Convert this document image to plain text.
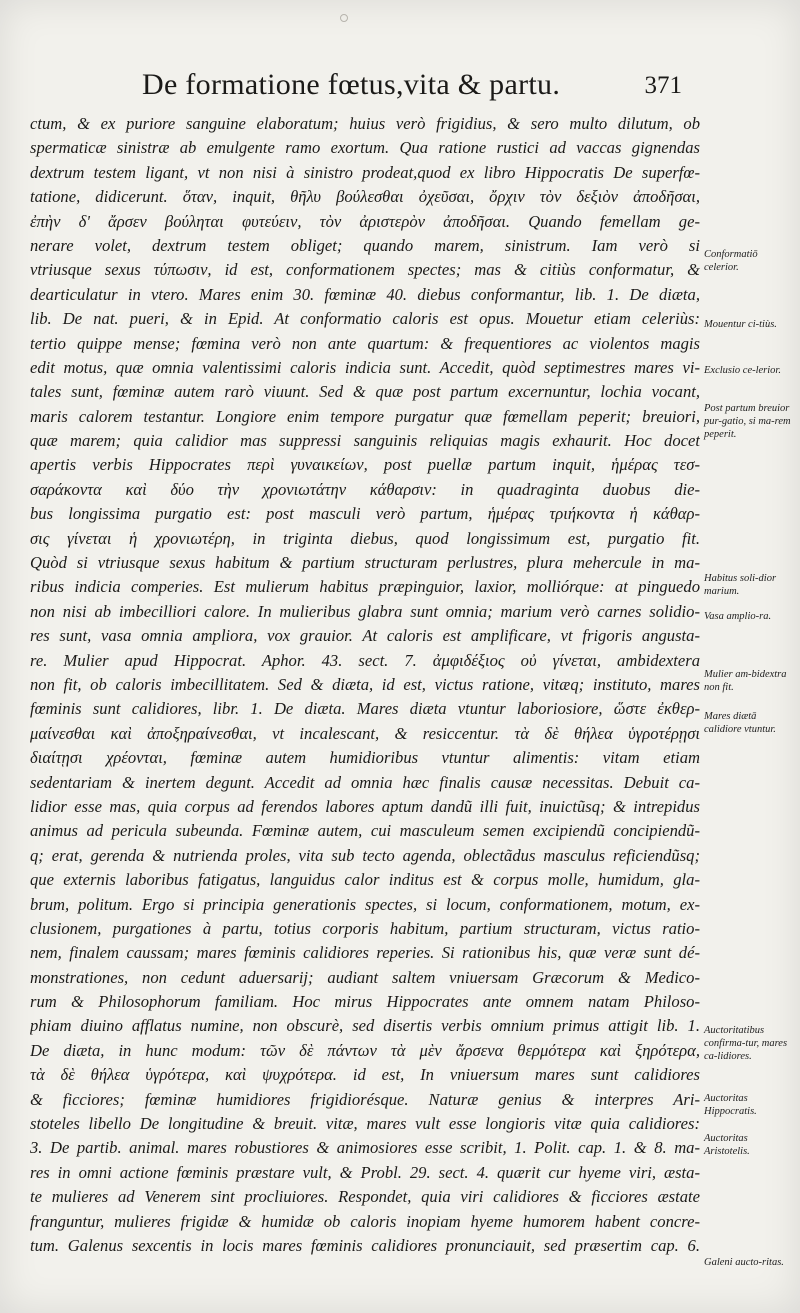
De formatione fœtus,vita & partu.	371
ctum, & ex puriore sanguine elaboratum; huius verò frigidius, & sero multo dilutum, ob
spermaticæ sinistræ ab emulgente ramo exortum. Qua ratione rustici ad vaccas gignendas
dextrum testem ligant, vt non nisi à sinistro prodeat,quod ex libro Hippocratis De superfœ-
tatione, didicerunt. ὅταν, inquit, θῆλυ βούλεσθαι ὀχεῦσαι, ὄρχιν τὸν δεξιὸν ἀποδῆσαι,
ἐπὴν δ' ἄρσεν βούληται φυτεύειν, τὸν ἀριστερὸν ἀποδῆσαι. Quando femellam ge-
nerare volet, dextrum testem obliget; quando marem, sinistrum. Iam verò si
vtriusque sexus τύπωσιν, id est, conformationem spectes; mas & citiùs conformatur, &
dearticulatur in vtero. Mares enim 30. fœminæ 40. diebus conformantur, lib. 1. De diæta,
lib. De nat. pueri, & in Epid. At conformatio caloris est opus. Mouetur etiam celeriùs:
tertio quippe mense; fœmina verò non ante quartum: & frequentiores ac violentos magis
edit motus, quæ omnia valentissimi caloris indicia sunt. Accedit, quòd septimestres mares vi-
tales sunt, fœminæ autem rarò viuunt. Sed & quæ post partum excernuntur, lochia vocant,
maris calorem testantur. Longiore enim tempore purgatur quæ fœmellam peperit; breuiori,
quæ marem; quia calidior mas suppressi sanguinis reliquias magis exhaurit. Hoc docet
apertis verbis Hippocrates περὶ γυναικείων, post puellæ partum inquit, ἡμέρας τεσ-
σαράκοντα καὶ δύο τὴν χρονιωτάτην κάθαρσιν: in quadraginta duobus die-
bus longissima purgatio est: post masculi verò partum, ἡμέρας τριήκοντα ἡ κάθαρ-
σις γίνεται ἡ χρονιωτέρη, in triginta diebus, quod longissimum est, purgatio fit.
Quòd si vtriusque sexus habitum & partium structuram perlustres, plura mehercule in ma-
ribus indicia comperies. Est mulierum habitus præpinguior, laxior, molliórque: at pinguedo
non nisi ab imbecilliori calore. In mulieribus glabra sunt omnia; marium verò carnes solidio-
res sunt, vasa omnia ampliora, vox grauior. At caloris est amplificare, vt frigoris angusta-
re. Mulier apud Hippocrat. Aphor. 43. sect. 7. ἀμφιδέξιος οὐ γίνεται, ambidextera
non fit, ob caloris imbecillitatem. Sed & diæta, id est, victus ratione, vitæq; instituto, mares
fœminis sunt calidiores, libr. 1. De diæta. Mares diæta vtuntur laboriosiore, ὥστε ἐκθερ-
μαίνεσθαι καὶ ἀποξηραίνεσθαι, vt incalescant, & resiccentur. τὰ δὲ θήλεα ὑγροτέρῃσι
διαίτῃσι χρέονται, fœminæ autem humidioribus vtuntur alimentis: vitam etiam
sedentariam & inertem degunt. Accedit ad omnia hæc finalis causæ necessitas. Debuit ca-
lidior esse mas, quia corpus ad ferendos labores aptum dandũ illi fuit, inuictũsq; & intrepidus
animus ad pericula subeunda. Fœminæ autem, cui masculeum semen excipiendũ concipiendũ-
q; erat, gerenda & nutrienda proles, vita sub tecto agenda, oblectãdus masculus reficiendũsq;
que externis laboribus fatigatus, languidus calor inditus est & corpus molle, humidum, gla-
brum, politum. Ergo si principia generationis spectes, si locum, conformationem, motum, ex-
clusionem, purgationes à partu, totius corporis habitum, partium structuram, victus ratio-
nem, finalem caussam; mares fœminis calidiores reperies. Si rationibus his, quæ veræ sunt dé-
monstrationes, non cedunt aduersarij; audiant saltem vniuersam Græcorum & Medico-
rum & Philosophorum familiam. Hoc mirus Hippocrates ante omnem natam Philoso-
phiam diuino afflatus numine, non obscurè, sed disertis verbis omnium primus attigit lib. 1.
De diæta, in hunc modum: τῶν δὲ πάντων τὰ μὲν ἄρσενα θερμότερα καὶ ξηρότερα,
τὰ δὲ θήλεα ὑγρότερα, καὶ ψυχρότερα. id est, In vniuersum mares sunt calidiores
& ficciores; fœminæ humidiores frigidiorésque. Naturæ genius & interpres Ari-
stoteles libello De longitudine & breuit. vitæ, mares vult esse longioris vitæ quia calidiores:
3. De partib. animal. mares robustiores & animosiores esse scribit, 1. Polit. cap. 1. & 8. ma-
res in omni actione fœminis præstare vult, & Probl. 29. sect. 4. quærit cur hyeme viri, æsta-
te mulieres ad Venerem sint procliuiores. Respondet, quia viri calidiores & ficciores æstate
franguntur, mulieres frigidæ & humidæ ob caloris inopiam hyeme humorem habent concre-
tum. Galenus sexcentis in locis mares fœminis calidiores pronunciauit, sed præsertim cap. 6.
Conformatiō celerior.
Mouentur ci-tiùs.
Exclusio ce-lerior.
Post partum breuior pur-gatio, si ma-rem peperit.
Habitus soli-dior marium.
Vasa amplio-ra.
Mulier am-bidextra non fit.
Mares diætā calidiore vtuntur.
Auctoritatibus confirma-tur, mares ca-lidiores.
Auctoritas Hippocratis.
Auctoritas Aristotelis.
Galeni aucto-ritas.
